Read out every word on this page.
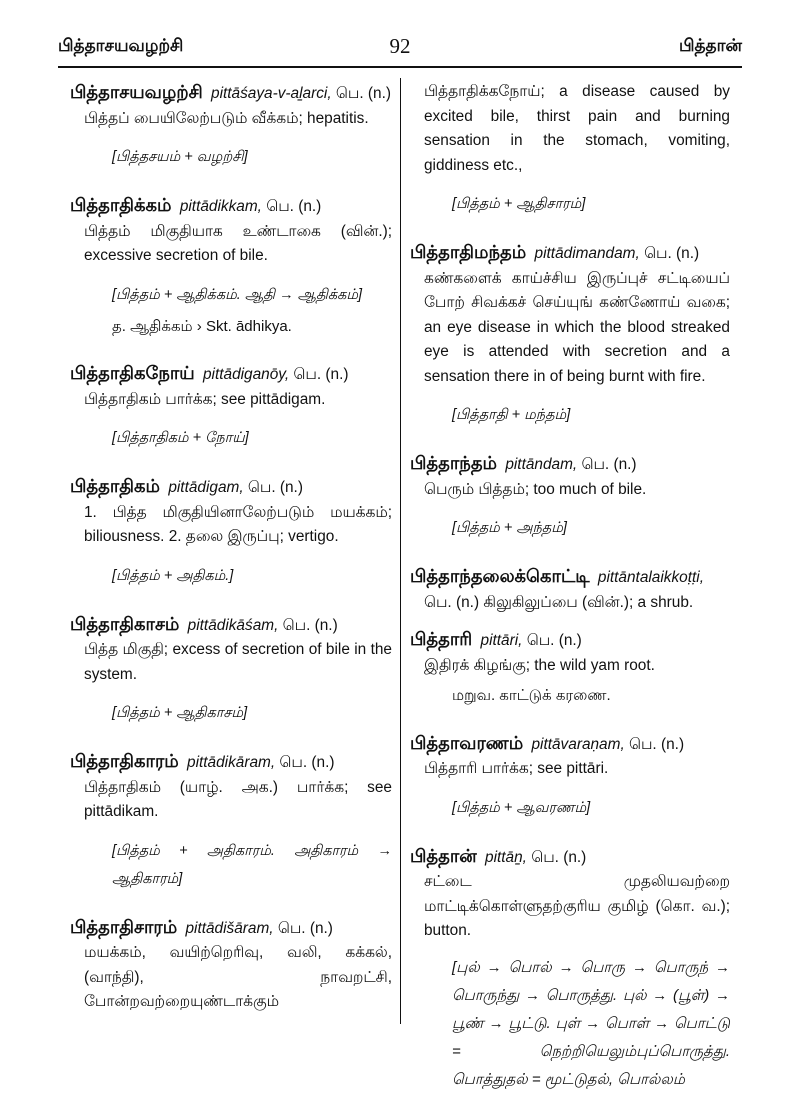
பித்தாசயவழற்சி	92	பித்தான்
பித்தாசயவழற்சி pittāśaya-v-aḻarci, பெ. (n.)
பித்தப் பையிலேற்படும் வீக்கம்; hepatitis.
[பித்தசயம் + வழற்சி]
பித்தாதிக்கம் pittādikkam, பெ. (n.)
பித்தம் மிகுதியாக உண்டாகை (வின்.); excessive secretion of bile.
[பித்தம் + ஆதிக்கம். ஆதி → ஆதிக்கம்]
த. ஆதிக்கம் › Skt. ādhikya.
பித்தாதிகநோய் pittādiganōy, பெ. (n.)
பித்தாதிகம் பார்க்க; see pittādigam.
[பித்தாதிகம் + நோய்]
பித்தாதிகம் pittādigam, பெ. (n.)
1. பித்த மிகுதியினாலேற்படும் மயக்கம்; biliousness. 2. தலை இருப்பு; vertigo.
[பித்தம் + அதிகம்.]
பித்தாதிகாசம் pittādikāśam, பெ. (n.)
பித்த மிகுதி; excess of secretion of bile in the system.
[பித்தம் + ஆதிகாசம்]
பித்தாதிகாரம் pittādikāram, பெ. (n.)
பித்தாதிகம் (யாழ். அக.) பார்க்க; see pittādikam.
[பித்தம் + அதிகாரம். அதிகாரம் → ஆதிகாரம்]
பித்தாதிசாரம் pittādišāram, பெ. (n.)
மயக்கம், வயிற்றெரிவு, வலி, கக்கல், (வாந்தி), நாவறட்சி, போன்றவற்றையுண்டாக்கும்
பித்தாதிக்கநோய்; a disease caused by excited bile, thirst pain and burning sensation in the stomach, vomiting, giddiness etc.,
[பித்தம் + ஆதிசாரம்]
பித்தாதிமந்தம் pittādimandam, பெ. (n.)
கண்களைக் காய்ச்சிய இருப்புச் சட்டியைப் போற் சிவக்கச் செய்யுங் கண்ணோய் வகை; an eye disease in which the blood streaked eye is attended with secretion and a sensation there in of being burnt with fire.
[பித்தாதி + மந்தம்]
பித்தாந்தம் pittāndam, பெ. (n.)
பெரும் பித்தம்; too much of bile.
[பித்தம் + அந்தம்]
பித்தாந்தலைக்கொட்டி pittāntalaikkoṭṭi,
பெ. (n.) கிலுகிலுப்பை (வின்.); a shrub.
பித்தாரி pittāri, பெ. (n.)
இதிரக் கிழங்கு; the wild yam root.
மறுவ. காட்டுக் கரணை.
பித்தாவரணம் pittāvaraṇam, பெ. (n.)
பித்தாரி பார்க்க; see pittāri.
[பித்தம் + ஆவரணம்]
பித்தான் pittāṉ, பெ. (n.)
சட்டை முதலியவற்றை மாட்டிக்கொள்ளுதற்குரிய குமிழ் (கொ. வ.); button.
[புல் → பொல் → பொரு → பொருந் → பொருந்து → பொருத்து. புல் → (பூள்) → பூண் → பூட்டு. புள் → பொள் → பொட்டு = நெற்றியெலும்புப்பொருத்து. பொத்துதல் = மூட்டுதல், பொல்லம்
